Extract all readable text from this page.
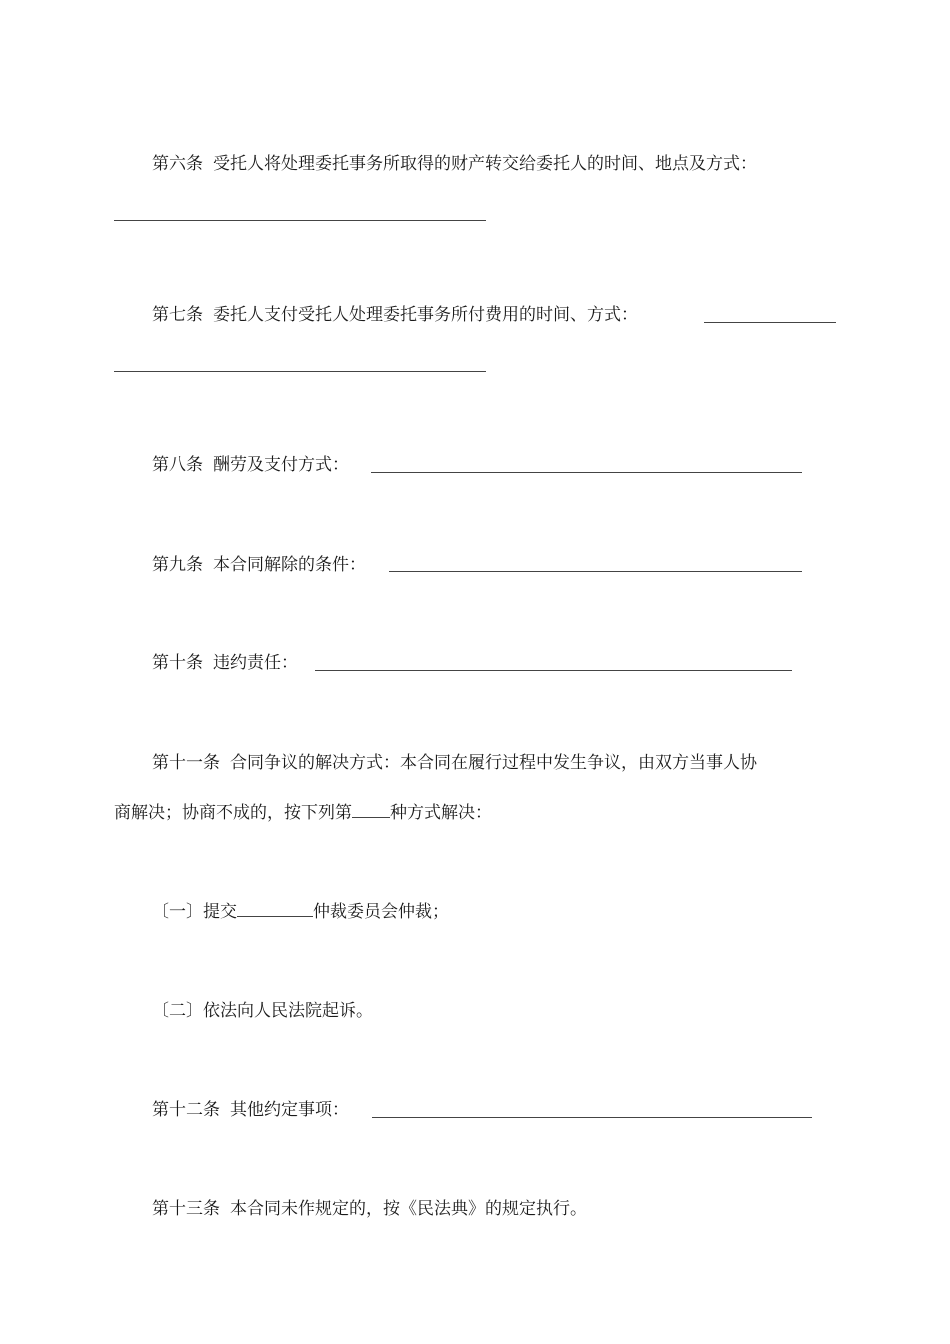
第六条 受托人将处理委托事务所取得的财产转交给委托人的时间、地点及方式：
第七条 委托人支付受托人处理委托事务所付费用的时间、方式：
第八条 酬劳及支付方式：
第九条 本合同解除的条件：
第十条 违约责任：
第十一条 合同争议的解决方式：本合同在履行过程中发生争议，由双方当事人协
商解决；协商不成的，按下列第 种方式解决：
〔一〕提交	仲裁委员会仲裁；
〔二〕依法向人民法院起诉。
第十二条 其他约定事项：
第十三条 本合同未作规定的，按《民法典》的规定执行。
